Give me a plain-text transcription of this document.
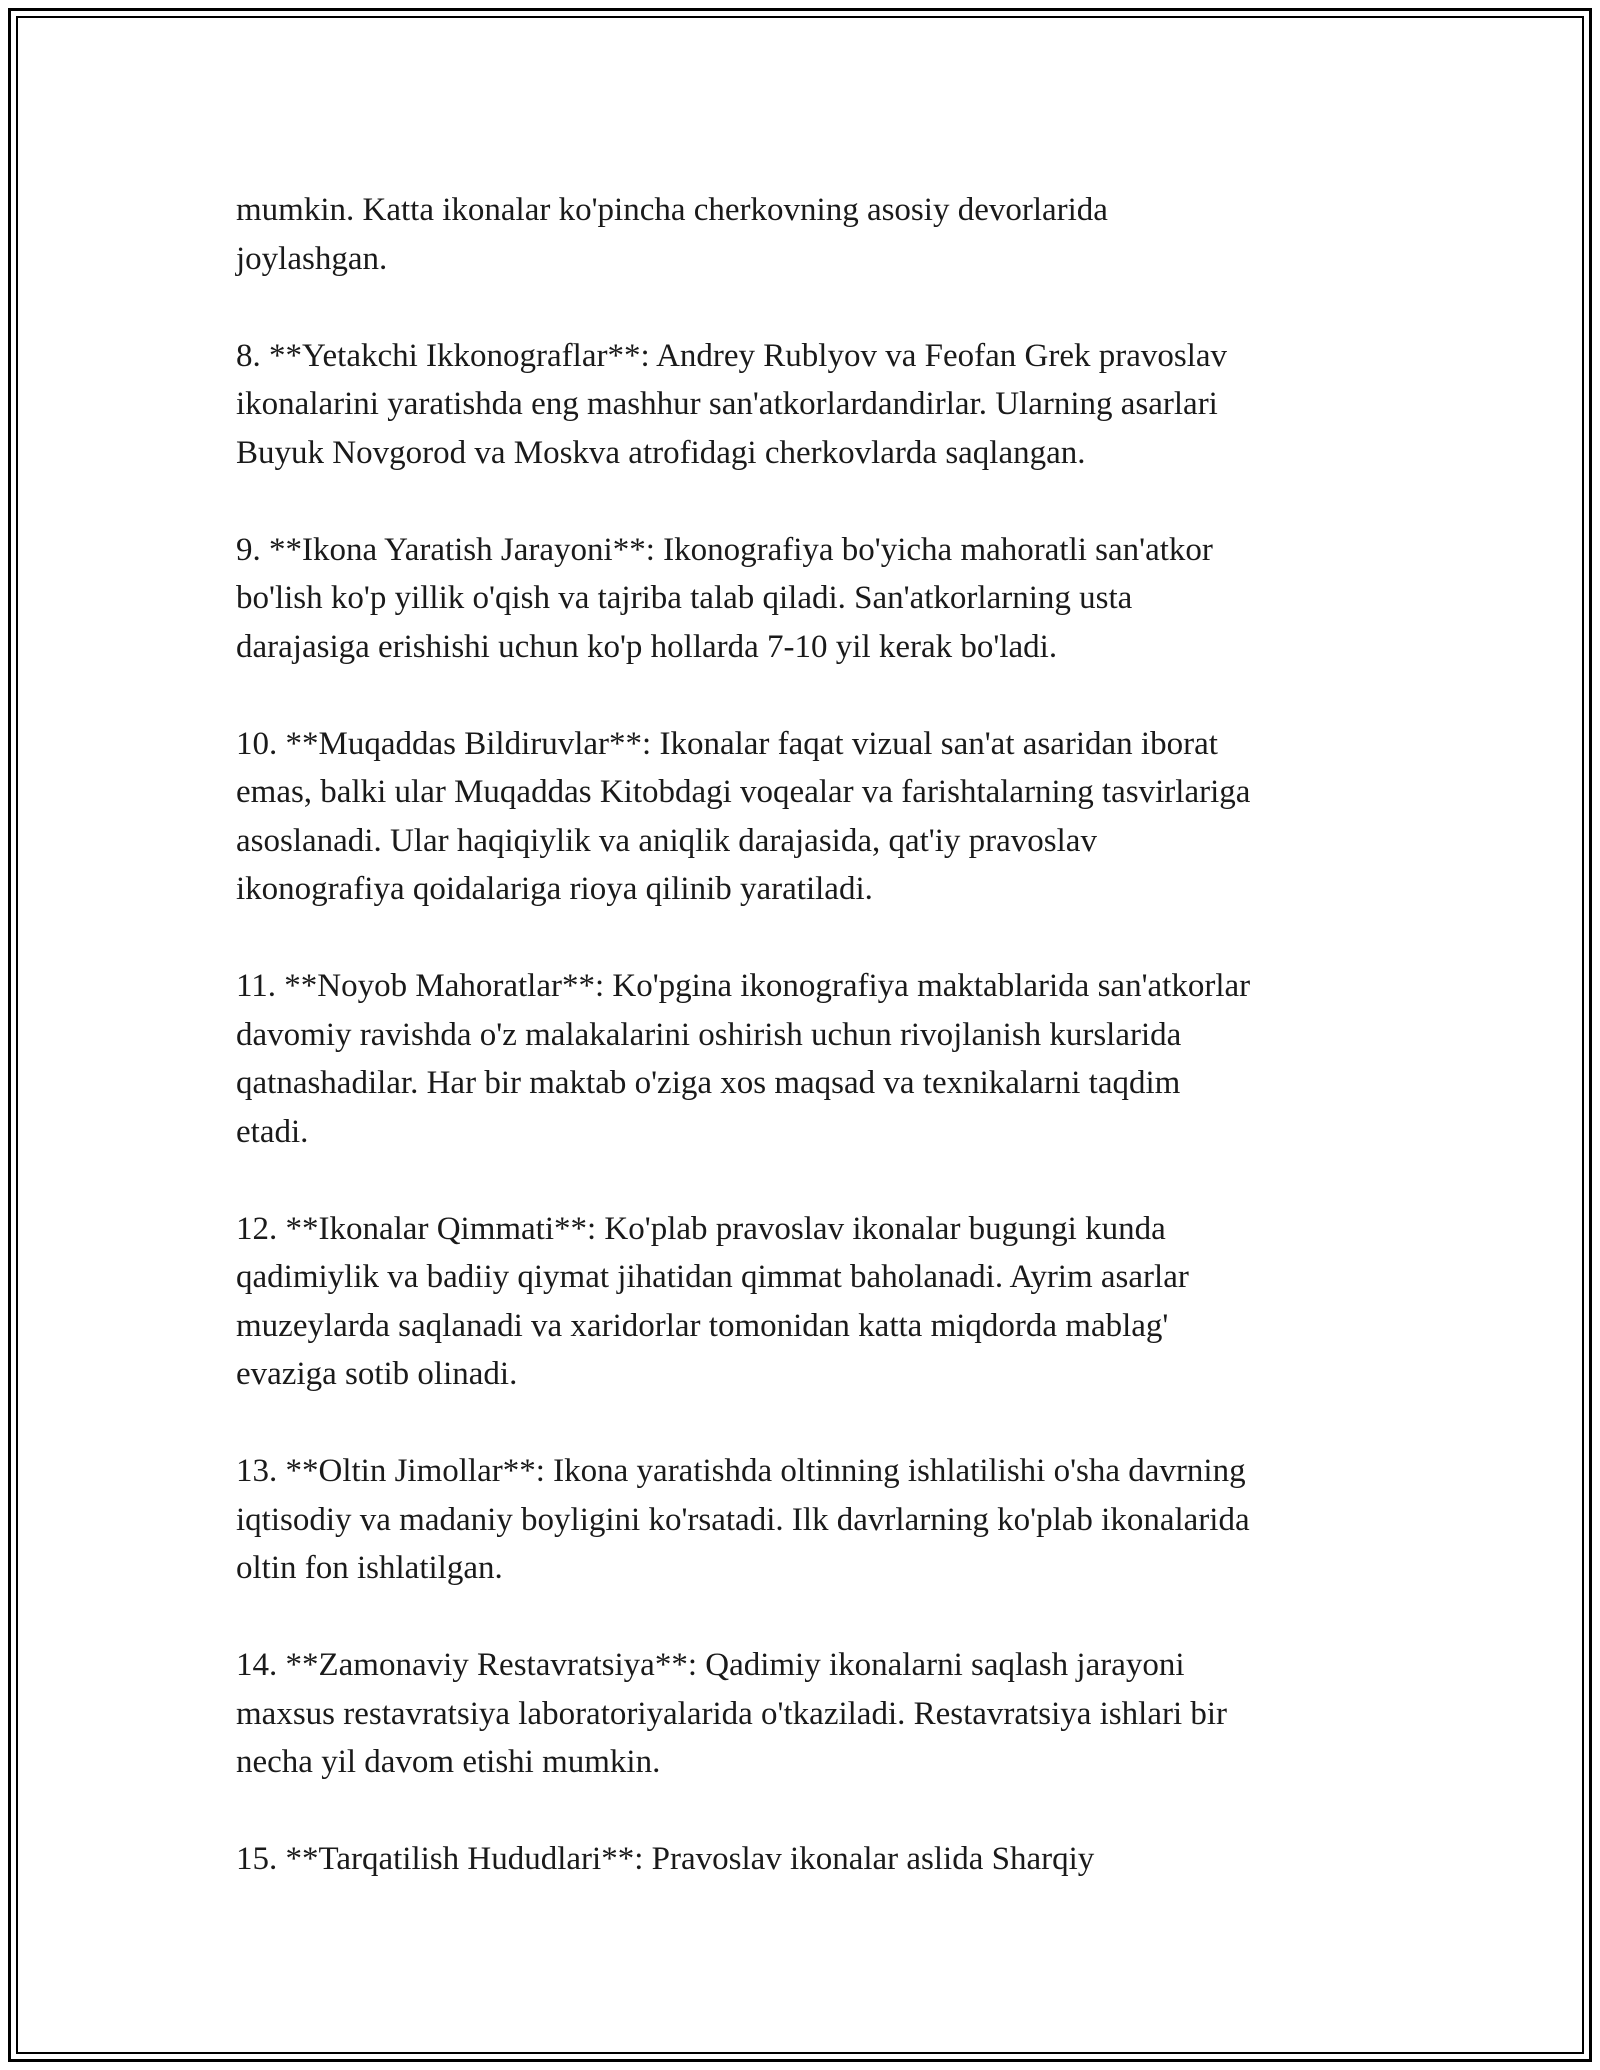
mumkin. Katta ikonalar ko'pincha cherkovning asosiy devorlarida
joylashgan.

8. **Yetakchi Ikkonograflar**: Andrey Rublyov va Feofan Grek pravoslav
ikonalarini yaratishda eng mashhur san'atkorlardandirlar. Ularning asarlari
Buyuk Novgorod va Moskva atrofidagi cherkovlarda saqlangan.

9. **Ikona Yaratish Jarayoni**: Ikonografiya bo'yicha mahoratli san'atkor
bo'lish ko'p yillik o'qish va tajriba talab qiladi. San'atkorlarning usta
darajasiga erishishi uchun ko'p hollarda 7-10 yil kerak bo'ladi.

10. **Muqaddas Bildiruvlar**: Ikonalar faqat vizual san'at asaridan iborat
emas, balki ular Muqaddas Kitobdagi voqealar va farishtalarning tasvirlariga
asoslanadi. Ular haqiqiylik va aniqlik darajasida, qat'iy pravoslav
ikonografiya qoidalariga rioya qilinib yaratiladi.

11. **Noyob Mahoratlar**: Ko'pgina ikonografiya maktablarida san'atkorlar
davomiy ravishda o'z malakalarini oshirish uchun rivojlanish kurslarida
qatnashadilar. Har bir maktab o'ziga xos maqsad va texnikalarni taqdim
etadi.

12. **Ikonalar Qimmati**: Ko'plab pravoslav ikonalar bugungi kunda
qadimiylik va badiiy qiymat jihatidan qimmat baholanadi. Ayrim asarlar
muzeylarda saqlanadi va xaridorlar tomonidan katta miqdorda mablag'
evaziga sotib olinadi.

13. **Oltin Jimollar**: Ikona yaratishda oltinning ishlatilishi o'sha davrning
iqtisodiy va madaniy boyligini ko'rsatadi. Ilk davrlarning ko'plab ikonalarida
oltin fon ishlatilgan.

14. **Zamonaviy Restavratsiya**: Qadimiy ikonalarni saqlash jarayoni
maxsus restavratsiya laboratoriyalarida o'tkaziladi. Restavratsiya ishlari bir
necha yil davom etishi mumkin.

15. **Tarqatilish Hududlari**: Pravoslav ikonalar aslida Sharqiy
